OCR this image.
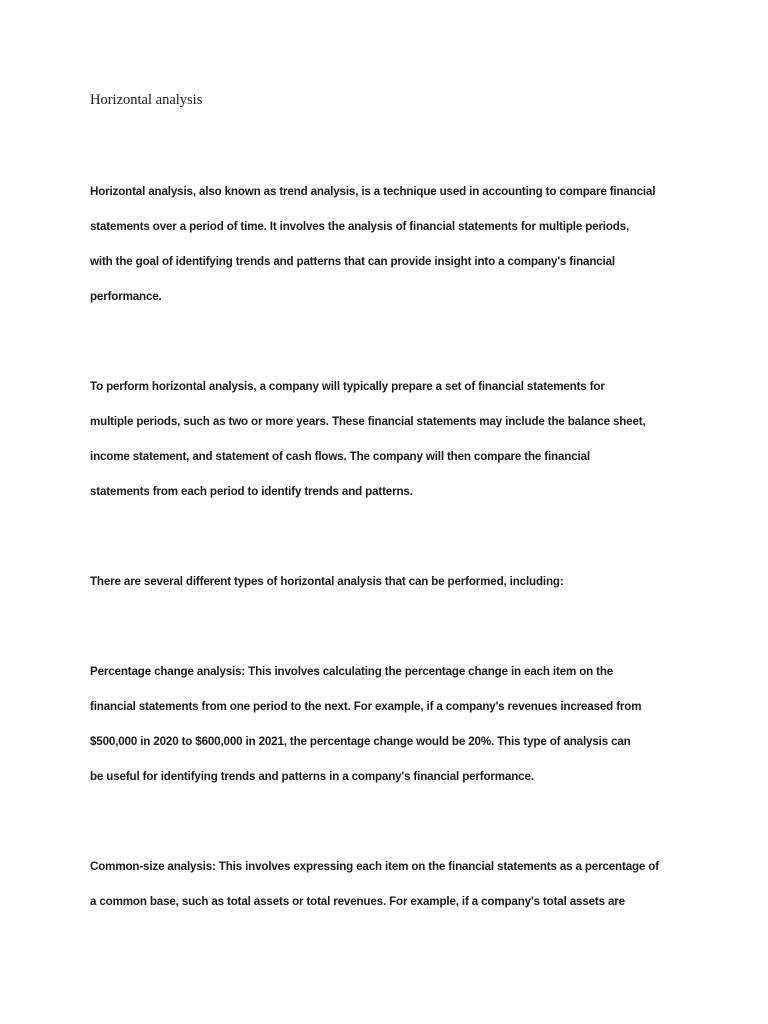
Horizontal analysis
Horizontal analysis, also known as trend analysis, is a technique used in accounting to compare financial
statements over a period of time. It involves the analysis of financial statements for multiple periods,
with the goal of identifying trends and patterns that can provide insight into a company's financial
performance.
To perform horizontal analysis, a company will typically prepare a set of financial statements for
multiple periods, such as two or more years. These financial statements may include the balance sheet,
income statement, and statement of cash flows. The company will then compare the financial
statements from each period to identify trends and patterns.
There are several different types of horizontal analysis that can be performed, including:
Percentage change analysis: This involves calculating the percentage change in each item on the
financial statements from one period to the next. For example, if a company's revenues increased from
$500,000 in 2020 to $600,000 in 2021, the percentage change would be 20%. This type of analysis can
be useful for identifying trends and patterns in a company's financial performance.
Common-size analysis: This involves expressing each item on the financial statements as a percentage of
a common base, such as total assets or total revenues. For example, if a company's total assets are
